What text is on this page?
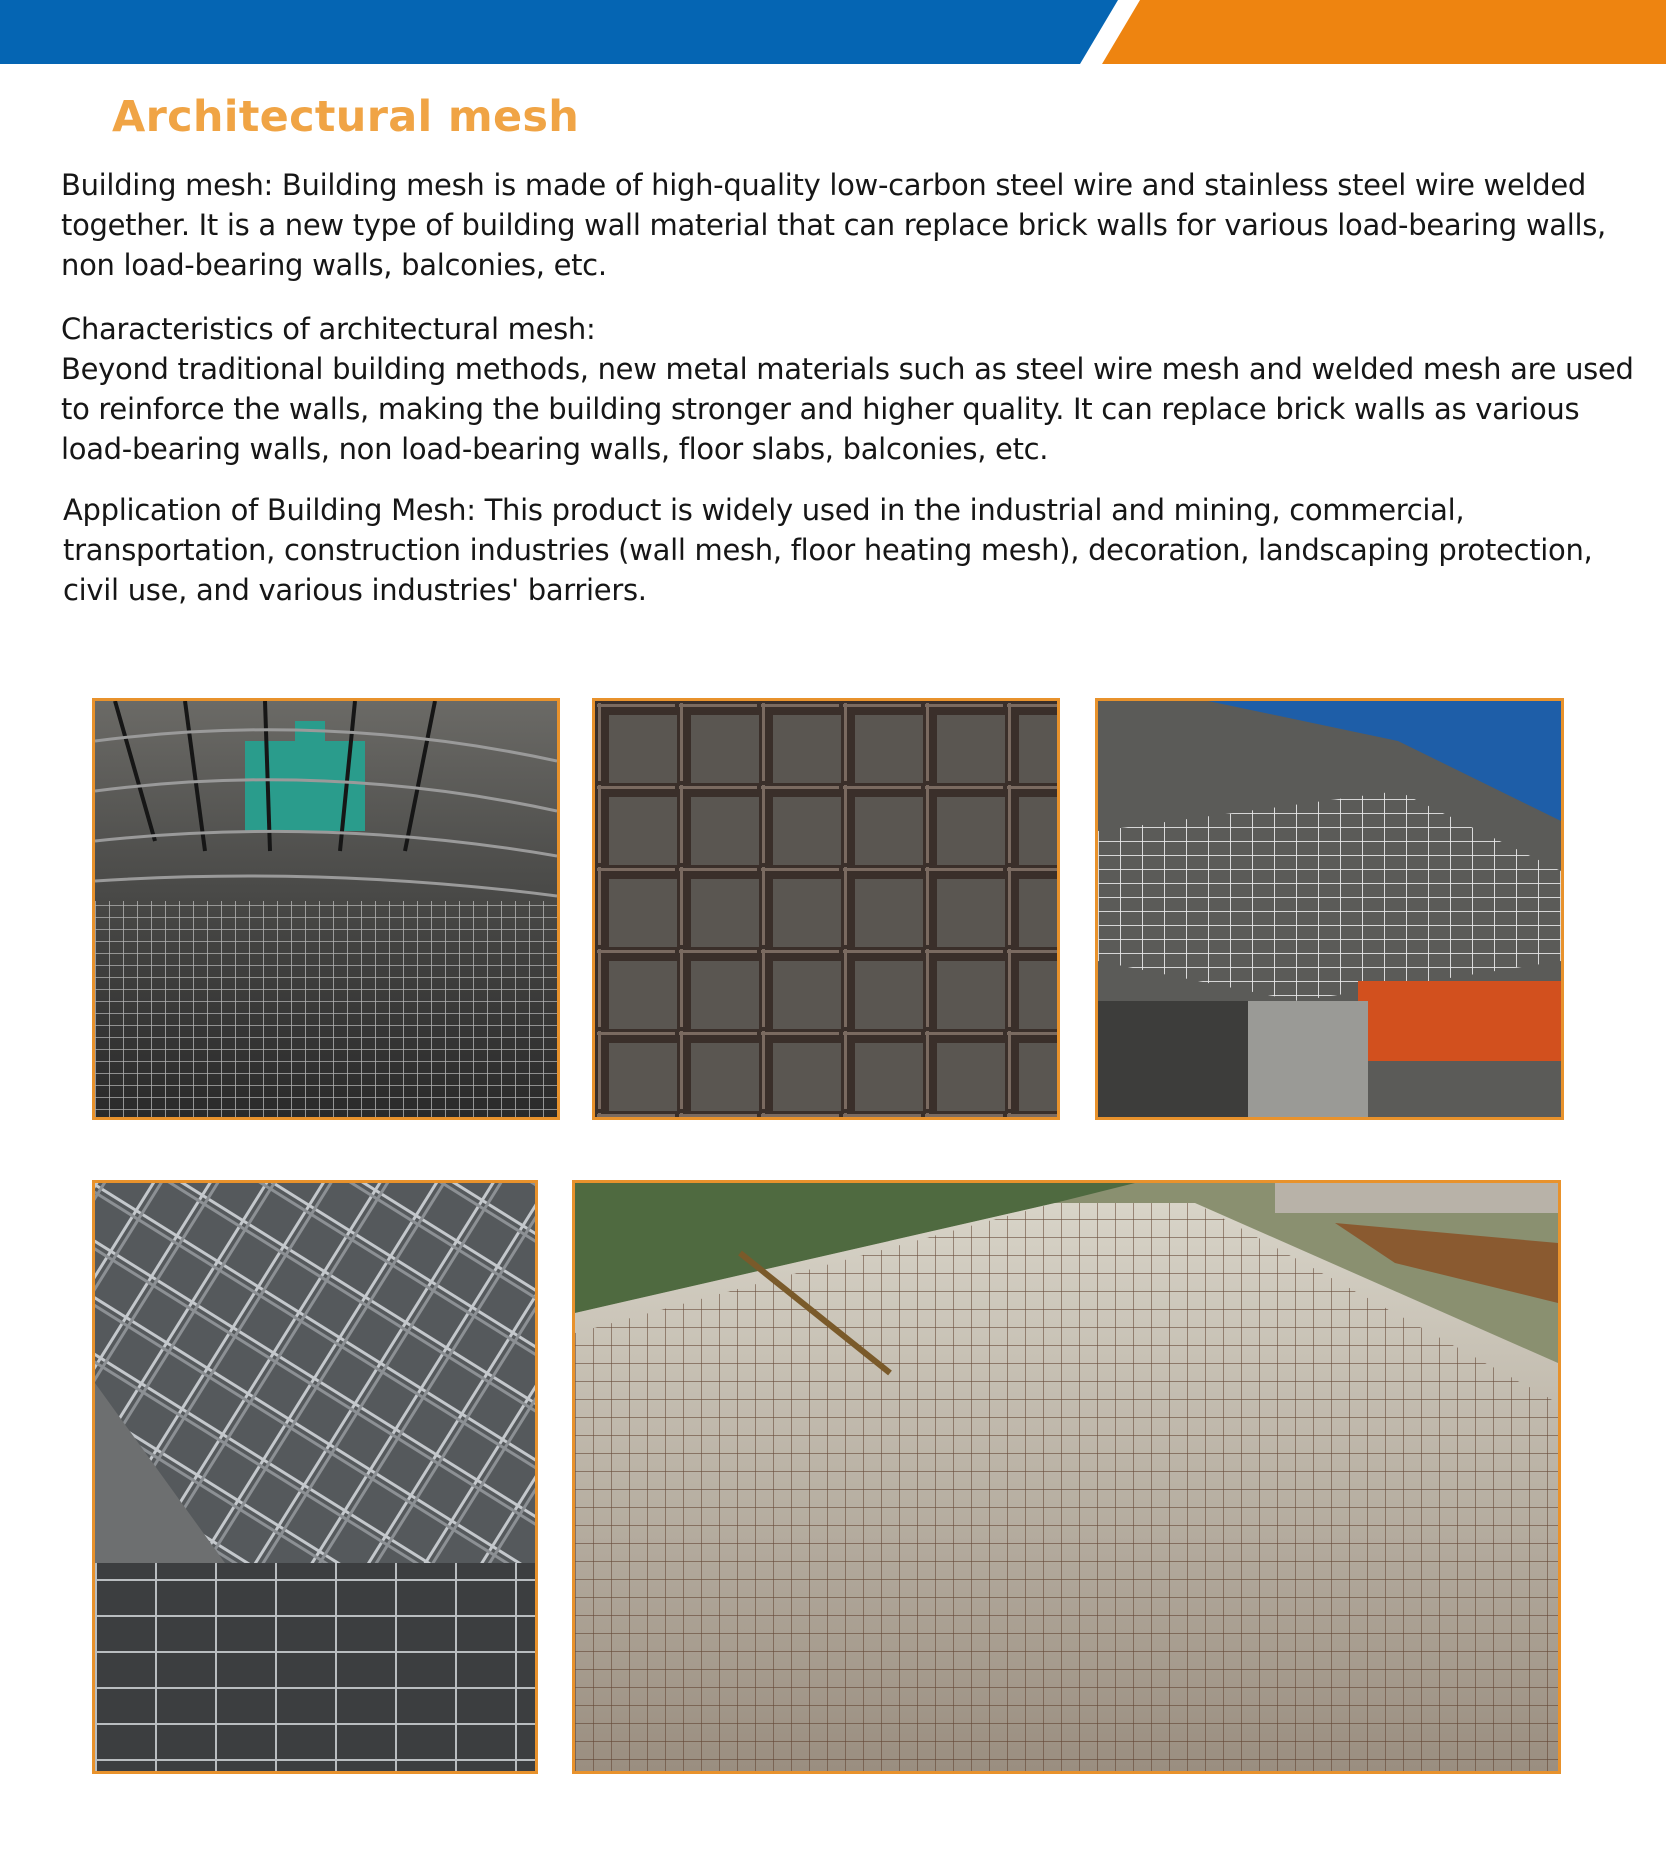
Architectural mesh

Building mesh: Building mesh is made of high-quality low-carbon steel wire and stainless steel wire welded together. It is a new type of building wall material that can replace brick walls for various load-bearing walls, non load-bearing walls, balconies, etc.

Characteristics of architectural mesh:
Beyond traditional building methods, new metal materials such as steel wire mesh and welded mesh are used to reinforce the walls, making the building stronger and higher quality. It can replace brick walls as various load-bearing walls, non load-bearing walls, floor slabs, balconies, etc.

Application of Building Mesh: This product is widely used in the industrial and mining, commercial, transportation, construction industries (wall mesh, floor heating mesh), decoration, landscaping protection, civil use, and various industries' barriers.
